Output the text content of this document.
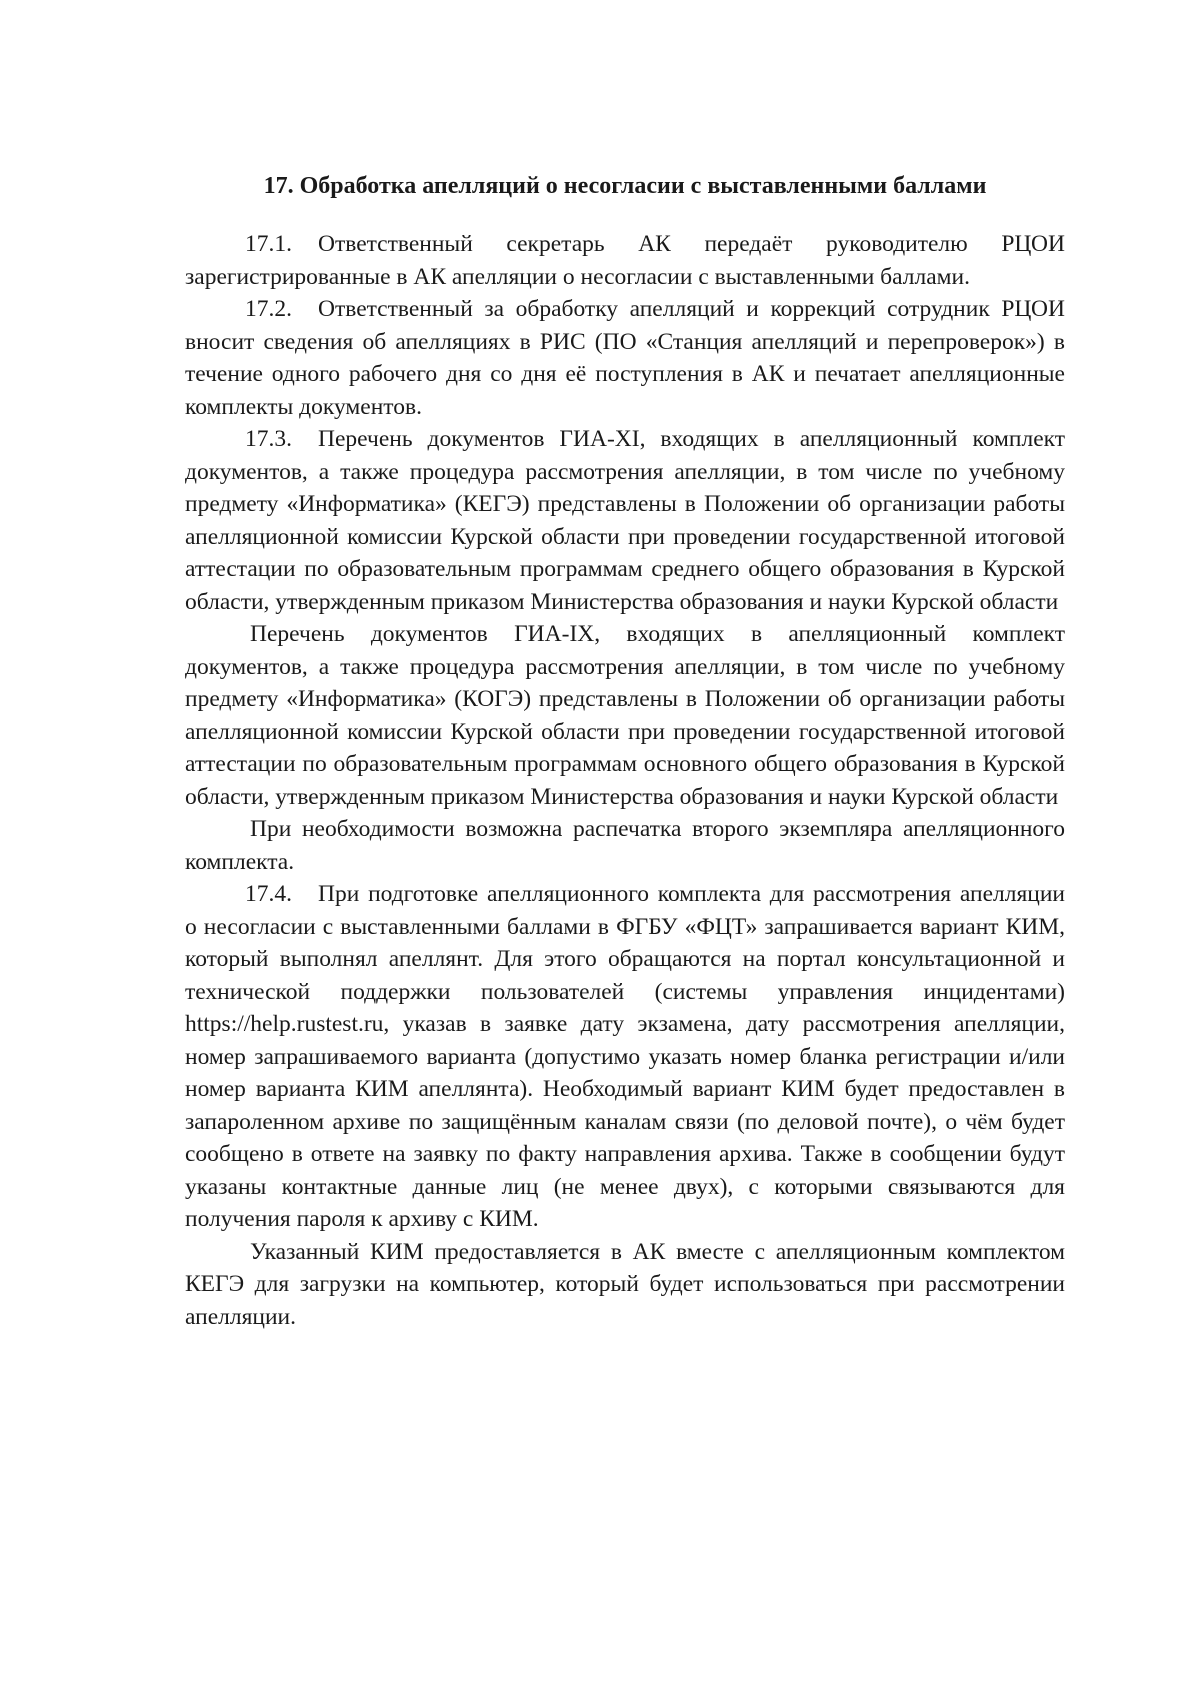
17. Обработка апелляций о несогласии с выставленными баллами

17.1. Ответственный секретарь АК передаёт руководителю РЦОИ зарегистрированные в АК апелляции о несогласии с выставленными баллами.

17.2. Ответственный за обработку апелляций и коррекций сотрудник РЦОИ вносит сведения об апелляциях в РИС (ПО «Станция апелляций и перепроверок») в течение одного рабочего дня со дня её поступления в АК и печатает апелляционные комплекты документов.

17.3. Перечень документов ГИА-XI, входящих в апелляционный комплект документов, а также процедура рассмотрения апелляции, в том числе по учебному предмету «Информатика» (КЕГЭ) представлены в Положении об организации работы апелляционной комиссии Курской области при проведении государственной итоговой аттестации по образовательным программам среднего общего образования в Курской области, утвержденным приказом Министерства образования и науки Курской области

Перечень документов ГИА-IX, входящих в апелляционный комплект документов, а также процедура рассмотрения апелляции, в том числе по учебному предмету «Информатика» (КОГЭ) представлены в Положении об организации работы апелляционной комиссии Курской области при проведении государственной итоговой аттестации по образовательным программам основного общего образования в Курской области, утвержденным приказом Министерства образования и науки Курской области

При необходимости возможна распечатка второго экземпляра апелляционного комплекта.

17.4. При подготовке апелляционного комплекта для рассмотрения апелляции о несогласии с выставленными баллами в ФГБУ «ФЦТ» запрашивается вариант КИМ, который выполнял апеллянт. Для этого обращаются на портал консультационной и технической поддержки пользователей (системы управления инцидентами) https://help.rustest.ru, указав в заявке дату экзамена, дату рассмотрения апелляции, номер запрашиваемого варианта (допустимо указать номер бланка регистрации и/или номер варианта КИМ апеллянта). Необходимый вариант КИМ будет предоставлен в запароленном архиве по защищённым каналам связи (по деловой почте), о чём будет сообщено в ответе на заявку по факту направления архива. Также в сообщении будут указаны контактные данные лиц (не менее двух), с которыми связываются для получения пароля к архиву с КИМ.

Указанный КИМ предоставляется в АК вместе с апелляционным комплектом КЕГЭ для загрузки на компьютер, который будет использоваться при рассмотрении апелляции.
